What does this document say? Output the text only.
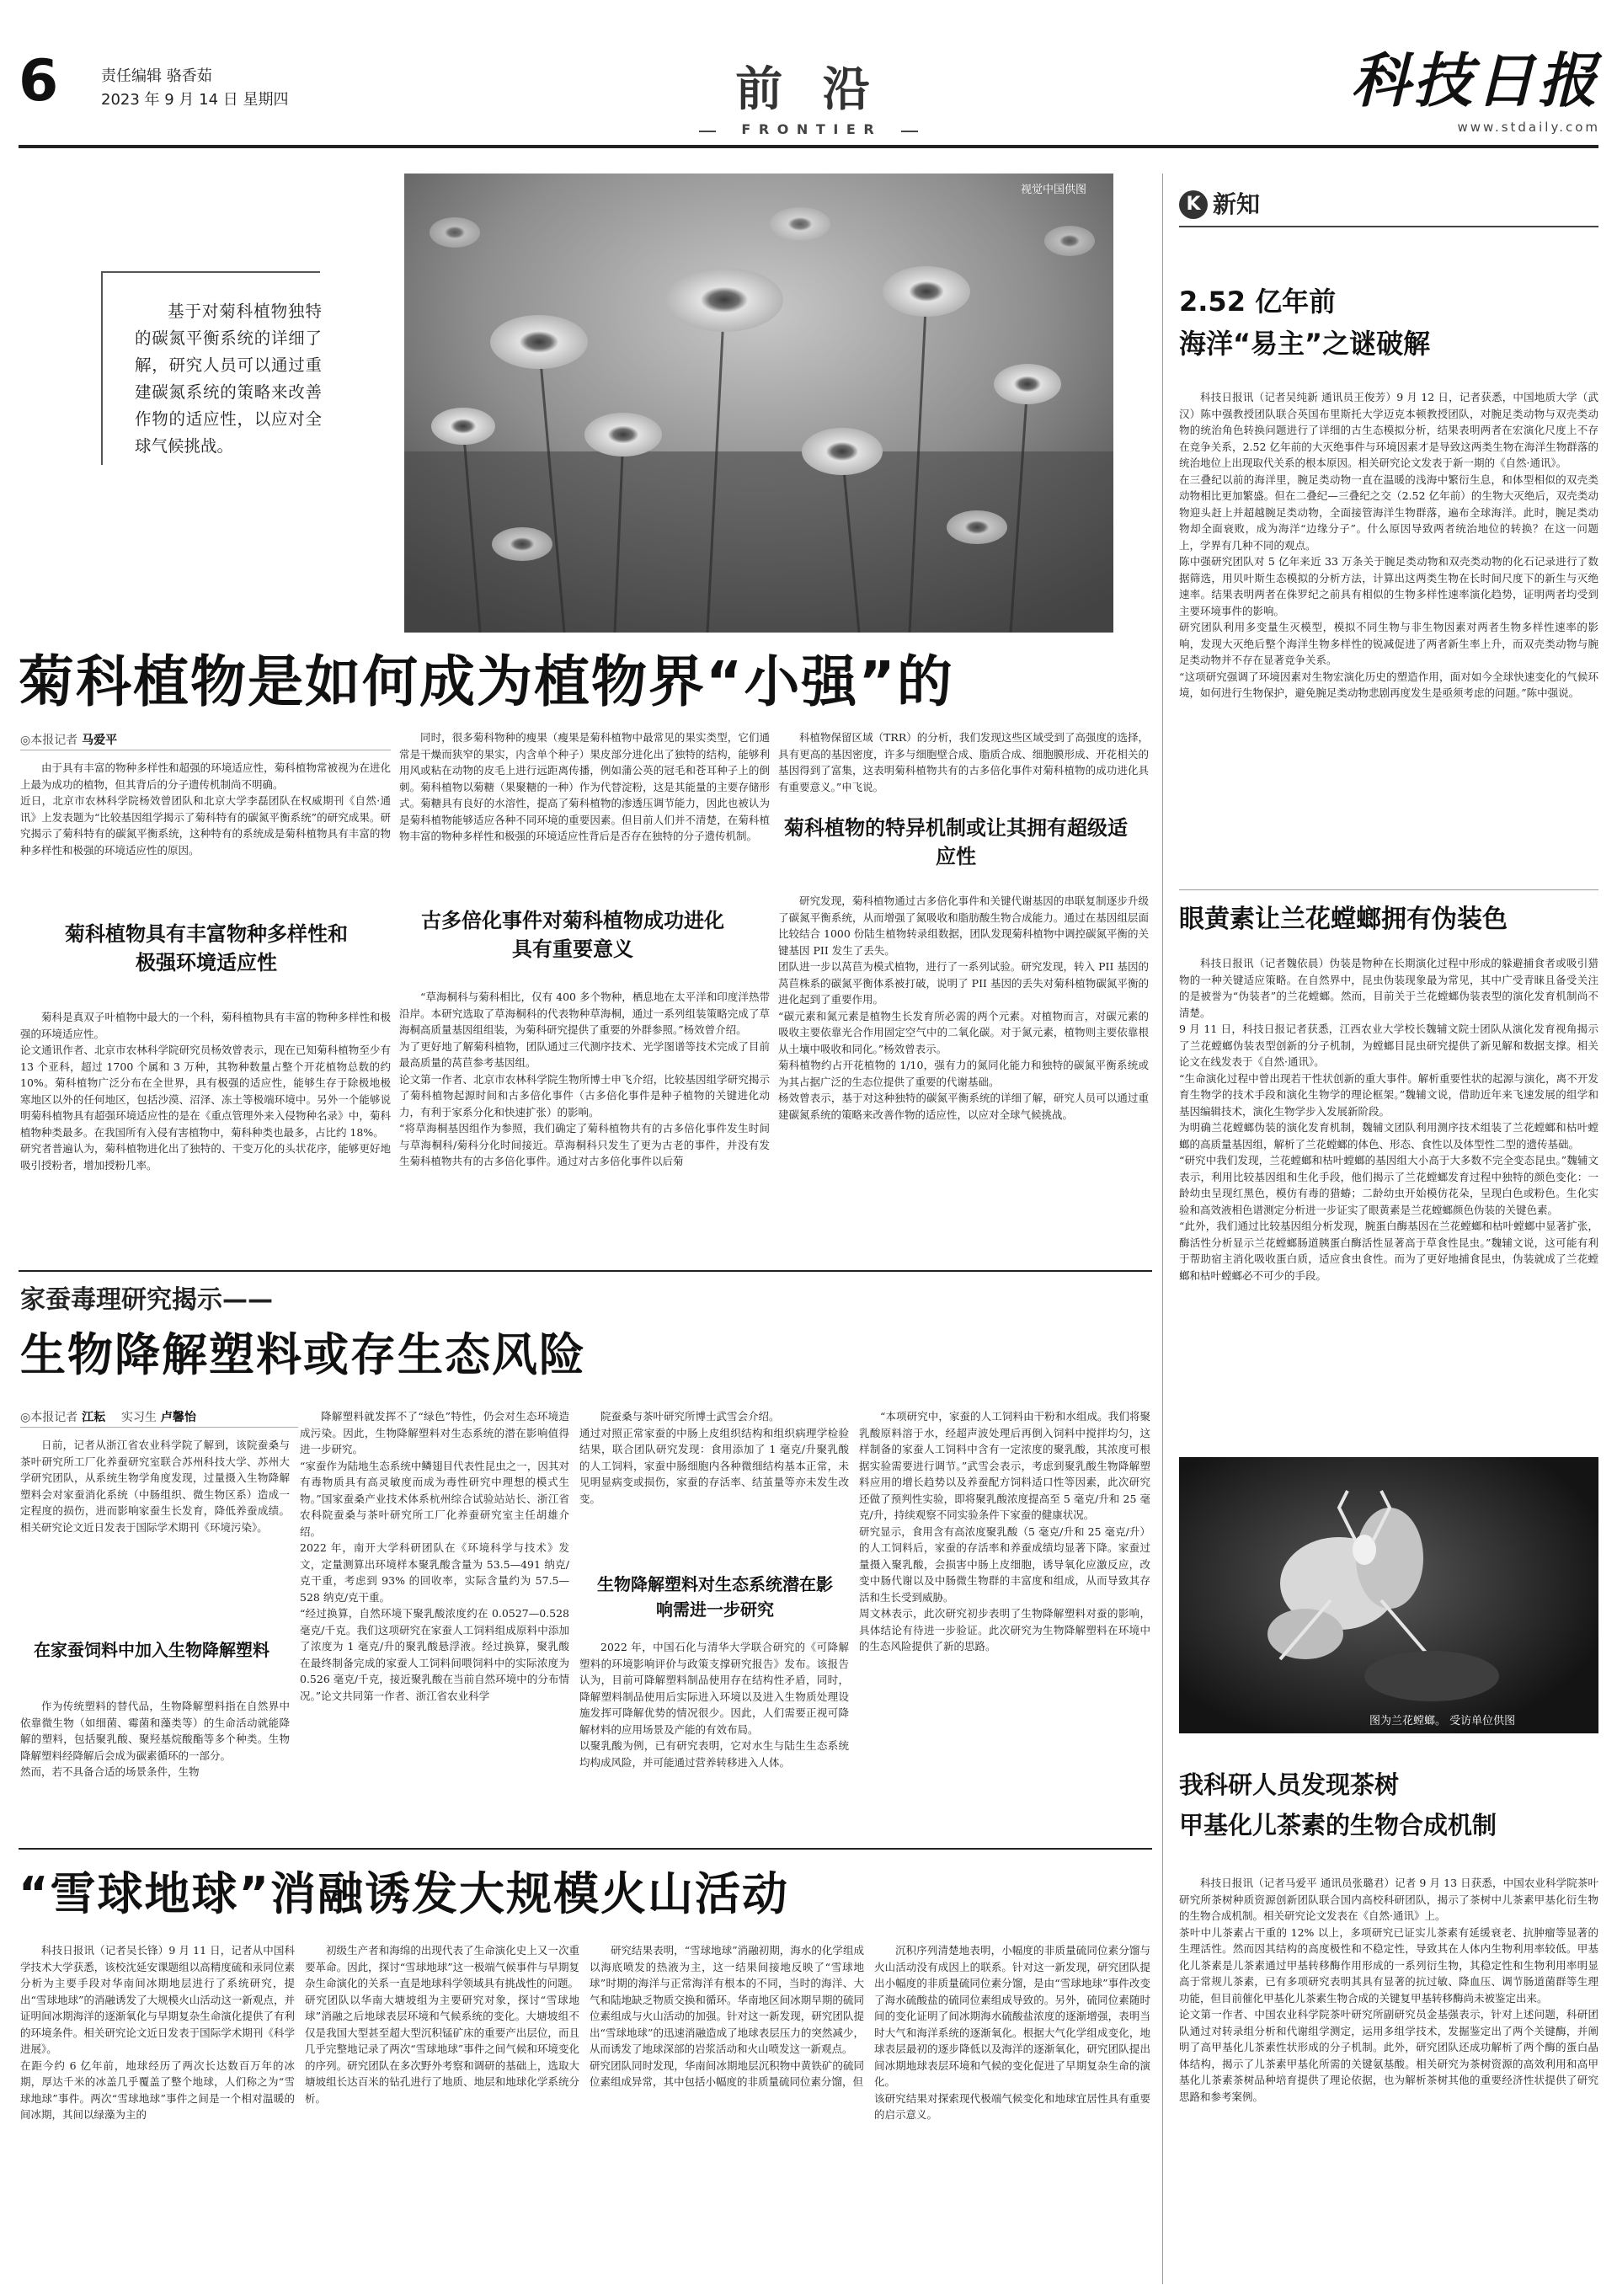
6	责任编辑 骆香茹
2023 年 9 月 14 日 星期四	前 沿
F R O N T I E R
科技日报
www.stdaily.com
基于对菊科植物独特的碳氮平衡系统的详细了解，研究人员可以通过重建碳氮系统的策略来改善作物的适应性，以应对全球气候挑战。
视觉中国供图
菊科植物是如何成为植物界“小强”的
◎本报记者 马爱平
由于具有丰富的物种多样性和超强的环境适应性，菊科植物常被视为在进化上最为成功的植物，但其背后的分子遗传机制尚不明确。
近日，北京市农林科学院杨效曾团队和北京大学李磊团队在权威期刊《自然·通讯》上发表题为“比较基因组学揭示了菊科特有的碳氮平衡系统”的研究成果。研究揭示了菊科特有的碳氮平衡系统，这种特有的系统成是菊科植物具有丰富的物种多样性和极强的环境适应性的原因。
菊科植物具有丰富物种多样性和极强环境适应性
菊科是真双子叶植物中最大的一个科，菊科植物具有丰富的物种多样性和极强的环境适应性。
论文通讯作者、北京市农林科学院研究员杨效曾表示，现在已知菊科植物至少有 13 个亚科，超过 1700 个属和 3 万种，其物种数量占整个开花植物总数的约 10%。菊科植物广泛分布在全世界，具有极强的适应性，能够生存于除极地极寒地区以外的任何地区，包括沙漠、沼泽、冻土等极端环境中。另外一个能够说明菊科植物具有超强环境适应性的是在《重点管理外来入侵物种名录》中，菊科植物种类最多。在我国所有入侵有害植物中，菊科种类也最多，占比约 18%。
研究者普遍认为，菊科植物进化出了独特的、干变万化的头状花序，能够更好地吸引授粉者，增加授粉几率。
同时，很多菊科物种的瘦果（瘦果是菊科植物中最常见的果实类型，它们通常是干燥而狭窄的果实，内含单个种子）果皮部分进化出了独特的结构，能够利用风或粘在动物的皮毛上进行远距离传播，例如蒲公英的冠毛和苍耳种子上的倒刺。菊科植物以菊糖（果聚糖的一种）作为代替淀粉，这是其能量的主要存储形式。菊糖具有良好的水溶性，提高了菊科植物的渗透压调节能力，因此也被认为是菊科植物能够适应各种不同环境的重要因素。但目前人们并不清楚，在菊科植物丰富的物种多样性和极强的环境适应性背后是否存在独特的分子遗传机制。
古多倍化事件对菊科植物成功进化具有重要意义
“草海桐科与菊科相比，仅有 400 多个物种，栖息地在太平洋和印度洋热带沿岸。本研究选取了草海桐科的代表物种草海桐，通过一系列组装策略完成了草海桐高质量基因组组装，为菊科研究提供了重要的外群参照。”杨效曾介绍。
为了更好地了解菊科植物，团队通过三代测序技术、光学图谱等技术完成了目前最高质量的莴苣参考基因组。
论文第一作者、北京市农林科学院生物所博士申飞介绍，比较基因组学研究揭示了菊科植物起源时间和古多倍化事件（古多倍化事件是种子植物的关键进化动力，有利于家系分化和快速扩张）的影响。
“将草海桐基因组作为参照，我们确定了菊科植物共有的古多倍化事件发生时间与草海桐科/菊科分化时间接近。草海桐科只发生了更为古老的事件，并没有发生菊科植物共有的古多倍化事件。通过对古多倍化事件以后菊
科植物保留区域（TRR）的分析，我们发现这些区域受到了高强度的选择，具有更高的基因密度，许多与细胞壁合成、脂质合成、细胞膜形成、开花相关的基因得到了富集，这表明菊科植物共有的古多倍化事件对菊科植物的成功进化具有重要意义。”申飞说。
菊科植物的特异机制或让其拥有超级适应性
研究发现，菊科植物通过古多倍化事件和关键代谢基因的串联复制逐步升级了碳氮平衡系统，从而增强了氮吸收和脂肪酸生物合成能力。通过在基因组层面比较结合 1000 份陆生植物转录组数据，团队发现菊科植物中调控碳氮平衡的关键基因 PII 发生了丢失。
团队进一步以莴苣为模式植物，进行了一系列试验。研究发现，转入 PII 基因的莴苣株系的碳氮平衡体系被打破，说明了 PII 基因的丢失对菊科植物碳氮平衡的进化起到了重要作用。
“碳元素和氮元素是植物生长发育所必需的两个元素。对植物而言，对碳元素的吸收主要依靠光合作用固定空气中的二氧化碳。对于氮元素，植物则主要依靠根从土壤中吸收和同化。”杨效曾表示。
菊科植物约占开花植物的 1/10，强有力的氮同化能力和独特的碳氮平衡系统或为其占据广泛的生态位提供了重要的代谢基础。
杨效曾表示，基于对这种独特的碳氮平衡系统的详细了解，研究人员可以通过重建碳氮系统的策略来改善作物的适应性，以应对全球气候挑战。
家蚕毒理研究揭示——
生物降解塑料或存生态风险
◎本报记者 江耘 实习生 卢馨怡
日前，记者从浙江省农业科学院了解到，该院蚕桑与茶叶研究所工厂化养蚕研究室联合苏州科技大学、苏州大学研究团队，从系统生物学角度发现，过量摄入生物降解塑料会对家蚕消化系统（中肠组织、微生物区系）造成一定程度的损伤，进而影响家蚕生长发育，降低养蚕成绩。相关研究论文近日发表于国际学术期刊《环境污染》。
在家蚕饲料中加入生物降解塑料
作为传统塑料的替代品，生物降解塑料指在自然界中依靠微生物（如细菌、霉菌和藻类等）的生命活动就能降解的塑料，包括聚乳酸、聚羟基烷酸酯等多个种类。生物降解塑料经降解后会成为碳素循环的一部分。
然而，若不具备合适的场景条件，生物
降解塑料就发挥不了“绿色”特性，仍会对生态环境造成污染。因此，生物降解塑料对生态系统的潜在影响值得进一步研究。
“家蚕作为陆地生态系统中鳞翅目代表性昆虫之一，因其对有毒物质具有高灵敏度而成为毒性研究中理想的模式生物。”国家蚕桑产业技术体系杭州综合试验站站长、浙江省农科院蚕桑与茶叶研究所工厂化养蚕研究室主任胡雄介绍。
2022 年，南开大学科研团队在《环境科学与技术》发文，定量测算出环境样本聚乳酸含量为 53.5—491 纳克/克干重，考虑到 93% 的回收率，实际含量约为 57.5—528 纳克/克干重。
“经过换算，自然环境下聚乳酸浓度约在 0.0527—0.528 毫克/千克。我们这项研究在家蚕人工饲料组成原料中添加了浓度为 1 毫克/升的聚乳酸悬浮液。经过换算，聚乳酸在最终制备完成的家蚕人工饲料间喂饲料中的实际浓度为 0.526 毫克/千克，接近聚乳酸在当前自然环境中的分布情况。”论文共同第一作者、浙江省农业科学
院蚕桑与茶叶研究所博士武雪会介绍。
通过对照正常家蚕的中肠上皮组织结构和组织病理学检验结果，联合团队研究发现：食用添加了 1 毫克/升聚乳酸的人工饲料，家蚕中肠细胞内各种微细结构基本正常，未见明显病变或损伤，家蚕的存活率、结茧量等亦未发生改变。
生物降解塑料对生态系统潜在影响需进一步研究
2022 年，中国石化与清华大学联合研究的《可降解塑料的环境影响评价与政策支撑研究报告》发布。该报告认为，目前可降解塑料制品使用存在结构性矛盾，同时，降解塑料制品使用后实际进入环境以及进入生物质处理设施发挥可降解优势的情况很少。因此，人们需要正视可降解材料的应用场景及产能的有效布局。
以聚乳酸为例，已有研究表明，它对水生与陆生生态系统均构成风险，并可能通过营养转移进入人体。
“本项研究中，家蚕的人工饲料由干粉和水组成。我们将聚乳酸原料溶于水，经超声波处理后再倒入饲料中搅拌均匀，这样制备的家蚕人工饲料中含有一定浓度的聚乳酸，其浓度可根据实验需要进行调节。”武雪会表示，考虑到聚乳酸生物降解塑料应用的增长趋势以及养蚕配方饲料适口性等因素，此次研究还做了预判性实验，即将聚乳酸浓度提高至 5 毫克/升和 25 毫克/升，持续观察不同实验条件下家蚕的健康状况。
研究显示，食用含有高浓度聚乳酸（5 毫克/升和 25 毫克/升）的人工饲料后，家蚕的存活率和养蚕成绩均显著下降。家蚕过量摄入聚乳酸，会损害中肠上皮细胞，诱导氧化应激反应，改变中肠代谢以及中肠微生物群的丰富度和组成，从而导致其存活和生长受到威胁。
周文林表示，此次研究初步表明了生物降解塑料对蚕的影响，具体结论有待进一步验证。此次研究为生物降解塑料在环境中的生态风险提供了新的思路。
“雪球地球”消融诱发大规模火山活动
科技日报讯（记者吴长锋）9 月 11 日，记者从中国科学技术大学获悉，该校沈延安课题组以高精度硫和汞同位素分析为主要手段对华南间冰期地层进行了系统研究，提出“雪球地球”的消融诱发了大规模火山活动这一新观点，并证明间冰期海洋的逐渐氧化与早期复杂生命演化提供了有利的环境条件。相关研究论文近日发表于国际学术期刊《科学进展》。
在距今约 6 亿年前，地球经历了两次长达数百万年的冰期，厚达千米的冰盖几乎覆盖了整个地球，人们称之为“雪球地球”事件。两次“雪球地球”事件之间是一个相对温暖的间冰期，其间以绿藻为主的
初级生产者和海绵的出现代表了生命演化史上又一次重要革命。因此，探讨“雪球地球”这一极端气候事件与早期复杂生命演化的关系一直是地球科学领域具有挑战性的问题。
研究团队以华南大塘坡组为主要研究对象，探讨“雪球地球”消融之后地球表层环境和气候系统的变化。大塘坡组不仅是我国大型甚至超大型沉积锰矿床的重要产出层位，而且几乎完整地记录了两次“雪球地球”事件之间气候和环境变化的序列。研究团队在多次野外考察和调研的基础上，选取大塘坡组长达百米的钻孔进行了地质、地层和地球化学系统分析。
研究结果表明，“雪球地球”消融初期，海水的化学组成以海底喷发的热液为主，这一结果间接地反映了“雪球地球”时期的海洋与正常海洋有根本的不同，当时的海洋、大气和陆地缺乏物质交换和循环。华南地区间冰期早期的硫同位素组成与火山活动的加强。针对这一新发现，研究团队提出“雪球地球”的迅速消融造成了地球表层压力的突然减少，从而诱发了地球深部的岩浆活动和火山喷发这一新观点。
研究团队同时发现，华南间冰期地层沉积物中黄铁矿的硫同位素组成异常，其中包括小幅度的非质量硫同位素分馏，但
沉积序列清楚地表明，小幅度的非质量硫同位素分馏与火山活动没有成因上的联系。针对这一新发现，研究团队提出小幅度的非质量硫同位素分馏，是由“雪球地球”事件改变了海水硫酸盐的硫同位素组成导致的。另外，硫同位素随时间的变化证明了间冰期海水硫酸盐浓度的逐渐增强，表明当时大气和海洋系统的逐渐氧化。根据大气化学组成变化，地球表层最初的逐步降低以及海洋的逐渐氧化，研究团队提出间冰期地球表层环境和气候的变化促进了早期复杂生命的演化。
该研究结果对探索现代极端气候变化和地球宜居性具有重要的启示意义。
K 新知
2.52 亿年前
海洋“易主”之谜破解
科技日报讯（记者吴纯新 通讯员王俊芳）9 月 12 日，记者获悉，中国地质大学（武汉）陈中强教授团队联合英国布里斯托大学迈克本顿教授团队，对腕足类动物与双壳类动物的统治角色转换问题进行了详细的古生态模拟分析，结果表明两者在宏演化尺度上不存在竞争关系，2.52 亿年前的大灭绝事件与环境因素才是导致这两类生物在海洋生物群落的统治地位上出现取代关系的根本原因。相关研究论文发表于新一期的《自然·通讯》。
在三叠纪以前的海洋里，腕足类动物一直在温暖的浅海中繁衍生息，和体型相似的双壳类动物相比更加繁盛。但在二叠纪—三叠纪之交（2.52 亿年前）的生物大灭绝后，双壳类动物迎头赶上并超越腕足类动物，全面接管海洋生物群落，遍布全球海洋。此时，腕足类动物却全面衰败，成为海洋“边缘分子”。什么原因导致两者统治地位的转换？在这一问题上，学界有几种不同的观点。
陈中强研究团队对 5 亿年来近 33 万条关于腕足类动物和双壳类动物的化石记录进行了数据筛选，用贝叶斯生态模拟的分析方法，计算出这两类生物在长时间尺度下的新生与灭绝速率。结果表明两者在侏罗纪之前具有相似的生物多样性速率演化趋势，证明两者均受到主要环境事件的影响。
研究团队利用多变量生灭模型，模拟不同生物与非生物因素对两者生物多样性速率的影响，发现大灭绝后整个海洋生物多样性的锐减促进了两者新生率上升，而双壳类动物与腕足类动物并不存在显著竞争关系。
“这项研究强调了环境因素对生物宏演化历史的塑造作用，面对如今全球快速变化的气候环境，如何进行生物保护，避免腕足类动物悲剧再度发生是亟须考虑的问题。”陈中强说。
眼黄素让兰花螳螂拥有伪装色
科技日报讯（记者魏依晨）伪装是物种在长期演化过程中形成的躲避捕食者或吸引猎物的一种关键适应策略。在自然界中，昆虫伪装现象最为常见，其中广受青睐且备受关注的是被誉为“伪装者”的兰花螳螂。然而，目前关于兰花螳螂伪装表型的演化发育机制尚不清楚。
9 月 11 日，科技日报记者获悉，江西农业大学校长魏辅文院士团队从演化发育视角揭示了兰花螳螂伪装表型创新的分子机制，为螳螂目昆虫研究提供了新见解和数据支撑。相关论文在线发表于《自然·通讯》。
“生命演化过程中曾出现若干性状创新的重大事件。解析重要性状的起源与演化，离不开发育生物学的技术手段和演化生物学的理论框架。”魏辅文说，借助近年来飞速发展的组学和基因编辑技术，演化生物学步入发展新阶段。
为明确兰花螳螂伪装的演化发育机制，魏辅文团队利用测序技术组装了兰花螳螂和枯叶螳螂的高质量基因组，解析了兰花螳螂的体色、形态、食性以及体型性二型的遗传基础。
“研究中我们发现，兰花螳螂和枯叶螳螂的基因组大小高于大多数不完全变态昆虫。”魏辅文表示，利用比较基因组和生化手段，他们揭示了兰花螳螂发育过程中独特的颜色变化：一龄幼虫呈现红黑色，模仿有毒的猎蝽；二龄幼虫开始模仿花朵，呈现白色或粉色。生化实验和高效液相色谱测定分析进一步证实了眼黄素是兰花螳螂颜色伪装的关键色素。
“此外，我们通过比较基因组分析发现，腕蛋白酶基因在兰花螳螂和枯叶螳螂中显著扩张，酶活性分析显示兰花螳螂肠道胰蛋白酶活性显著高于草食性昆虫。”魏辅文说，这可能有利于帮助宿主消化吸收蛋白质，适应食虫食性。而为了更好地捕食昆虫，伪装就成了兰花螳螂和枯叶螳螂必不可少的手段。
图为兰花螳螂。 受访单位供图
我科研人员发现茶树
甲基化儿茶素的生物合成机制
科技日报讯（记者马爱平 通讯员张璐君）记者 9 月 13 日获悉，中国农业科学院茶叶研究所茶树种质资源创新团队联合国内高校科研团队，揭示了茶树中儿茶素甲基化衍生物的生物合成机制。相关研究论文发表在《自然·通讯》上。
茶叶中儿茶素占干重的 12% 以上，多项研究已证实儿茶素有延缓衰老、抗肿瘤等显著的生理活性。然而因其结构的高度极性和不稳定性，导致其在人体内生物利用率较低。甲基化儿茶素是儿茶素通过甲基转移酶作用形成的一系列衍生物，其稳定性和生物利用率明显高于常规儿茶素，已有多项研究表明其具有显著的抗过敏、降血压、调节肠道菌群等生理功能，但目前催化甲基化儿茶素生物合成的关键复甲基转移酶尚未被鉴定出来。
论文第一作者、中国农业科学院茶叶研究所副研究员金基强表示，针对上述问题，科研团队通过对转录组分析和代谢组学测定，运用多组学技术，发掘鉴定出了两个关键酶，并阐明了高甲基化儿茶素性状形成的分子机制。此外，研究团队还成功解析了两个酶的蛋白晶体结构，揭示了儿茶素甲基化所需的关键氨基酸。相关研究为茶树资源的高效利用和高甲基化儿茶素茶树品种培育提供了理论依据，也为解析茶树其他的重要经济性状提供了研究思路和参考案例。
